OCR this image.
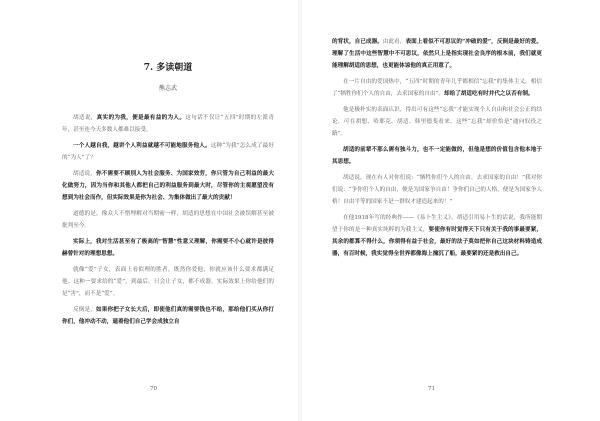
7. 多读朝道
熊志武

胡适说，真实的为我，便是最有益的为人。这句话不仅让“五四”时期的左派青年，甚至连今天多数人都难以接受。

一个人越自我，越讲个人利益就越不可能地服务他人。这种“为我”怎么成了最好的“为人”了？

胡适说，你不需要不顾别人为社会服务、为国家效劳，你只管为自己利益的最大化做努力，因为当你和其他人都把自己的利益服务到最大时，尽管你的主观愿望没有想到为社会而作，但实际效果是你为社会、为集体做出了最大的贡献！

道德的是，像众人不惜埋解对当期密一样，胡适的思想在中国社会被误解甚至被批判至今。

实际上，我对生活甚至有了极高的“智慧”性意义理解，你需要不小心就许是彼得赫曾针对的理想思想。

就像“爱”子女，表面上看似理的胜者，既然你爱他，你就应该什么要求都满足他。这种一要求给的“爱”，到最后，只会让子女，都不成器，实际效果上你给他们的是“害”，而不是“爱”。

反倒是，如果你把子女长大后，即使他们真的需要钱也不给，那给他们买从你打你们，他冲动不动，逼着他们自己学会成独立自

70

的背状，自已成器。由此看，表面上看似不可思议的“冲破的爱”，反倒是最好的爱。理解了生活中这些智慧中不可思议，依然只上是指实现社会良序的根本前，我们就更能理解胡适的思想，也更能体谅他的真正用意了。

在一片自由的爱国热中，“五四”时期的青年几乎都相信“忘我”的集体主义，相信了“牺牲你们个人的自由，去求国家的自由”。却给了胡适吃有时并代之以否有制。

他是极朴实的表面认识，得出可有这些“忘我”才能实现个人自由和社会公正的结论，可在胡想、哈耶克、胡适、韩里德斐看来，这些“忘我”却价恰是“通向奴役之路”。

胡适的前辈不那么需有独斗力，也不一定能做的，但他是想的价值包含他本地于其思想。

胡适说，现在有人对你们说：“牺牲你们个人的自由，去求国家的自由！”我对你们说：“争你们个人的自由，便是为国家争自由！争你们自己的人格，便是为国家争人格！自由平等的国家不是一群奴才建造起来的！”

在他1918年写的经典作——《易卜生主义》，胡适引用易卜生的话说，我所能期望于你的是一种真实纯粹的为我主义，要使你有时觉得天下只有关于我的事最要紧，其余的都算不得什么，你须得有益于社会，最好的法子莫如把你自己这块材料铸造成器，有百时候，我实觉得全世界都像海上撞沉了船，最要紧的还是救出自己。

71
